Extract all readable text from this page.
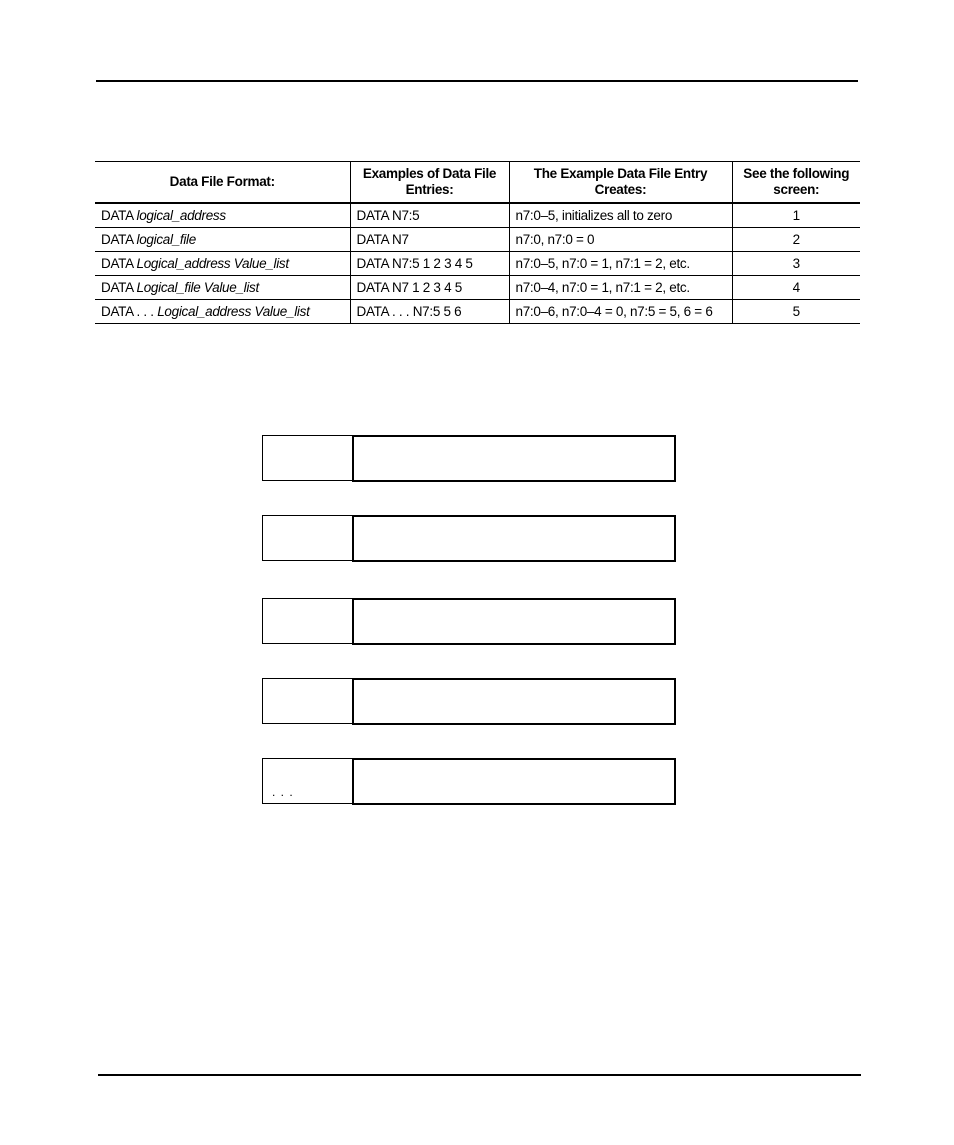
Data File Format:	Examples of Data File Entries:	The Example Data File Entry Creates:	See the following screen:
DATA logical_address	DATA N7:5	n7:0–5, initializes all to zero	1
DATA logical_file	DATA N7	n7:0, n7:0 = 0	2
DATA Logical_address Value_list	DATA N7:5 1 2 3 4 5	n7:0–5, n7:0 = 1, n7:1 = 2, etc.	3
DATA Logical_file Value_list	DATA N7 1 2 3 4 5	n7:0–4, n7:0 = 1, n7:1 = 2, etc.	4
DATA . . . Logical_address Value_list	DATA . . . N7:5 5 6	n7:0–6, n7:0–4 = 0, n7:5 = 5, 6 = 6	5
. . .
